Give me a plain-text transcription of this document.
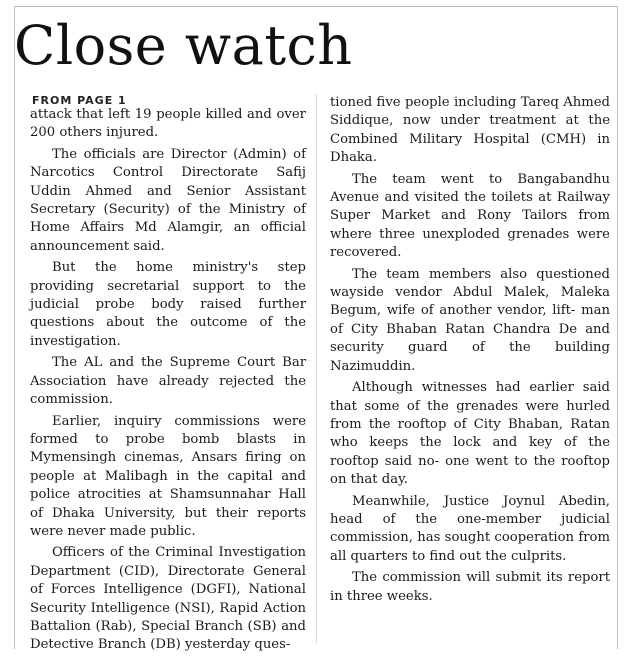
Close watch
FROM PAGE 1

attack that left 19 people killed and over 200 others injured.

The officials are Director (Admin) of Narcotics Control Directorate Safij Uddin Ahmed and Senior Assistant Secretary (Security) of the Ministry of Home Affairs Md Alamgir, an official announcement said.

But the home ministry's step providing secretarial support to the judicial probe body raised further questions about the outcome of the investigation.

The AL and the Supreme Court Bar Association have already rejected the commission.

Earlier, inquiry commissions were formed to probe bomb blasts in Mymensingh cinemas, Ansars firing on people at Malibagh in the capital and police atrocities at Shamsunnahar Hall of Dhaka University, but their reports were never made public.

Officers of the Criminal Investigation Department (CID), Directorate General of Forces Intelligence (DGFI), National Security Intelligence (NSI), Rapid Action Battalion (Rab), Special Branch (SB) and Detective Branch (DB) yesterday ques-

tioned five people including Tareq Ahmed Siddique, now under treatment at the Combined Military Hospital (CMH) in Dhaka.

The team went to Bangabandhu Avenue and visited the toilets at Railway Super Market and Rony Tailors from where three unexploded grenades were recovered.

The team members also questioned wayside vendor Abdul Malek, Maleka Begum, wife of another vendor, lift- man of City Bhaban Ratan Chandra De and security guard of the building Nazimuddin.

Although witnesses had earlier said that some of the grenades were hurled from the rooftop of City Bhaban, Ratan who keeps the lock and key of the rooftop said no- one went to the rooftop on that day.

Meanwhile, Justice Joynul Abedin, head of the one-member judicial commission, has sought cooperation from all quarters to find out the culprits.

The commission will submit its report in three weeks.
